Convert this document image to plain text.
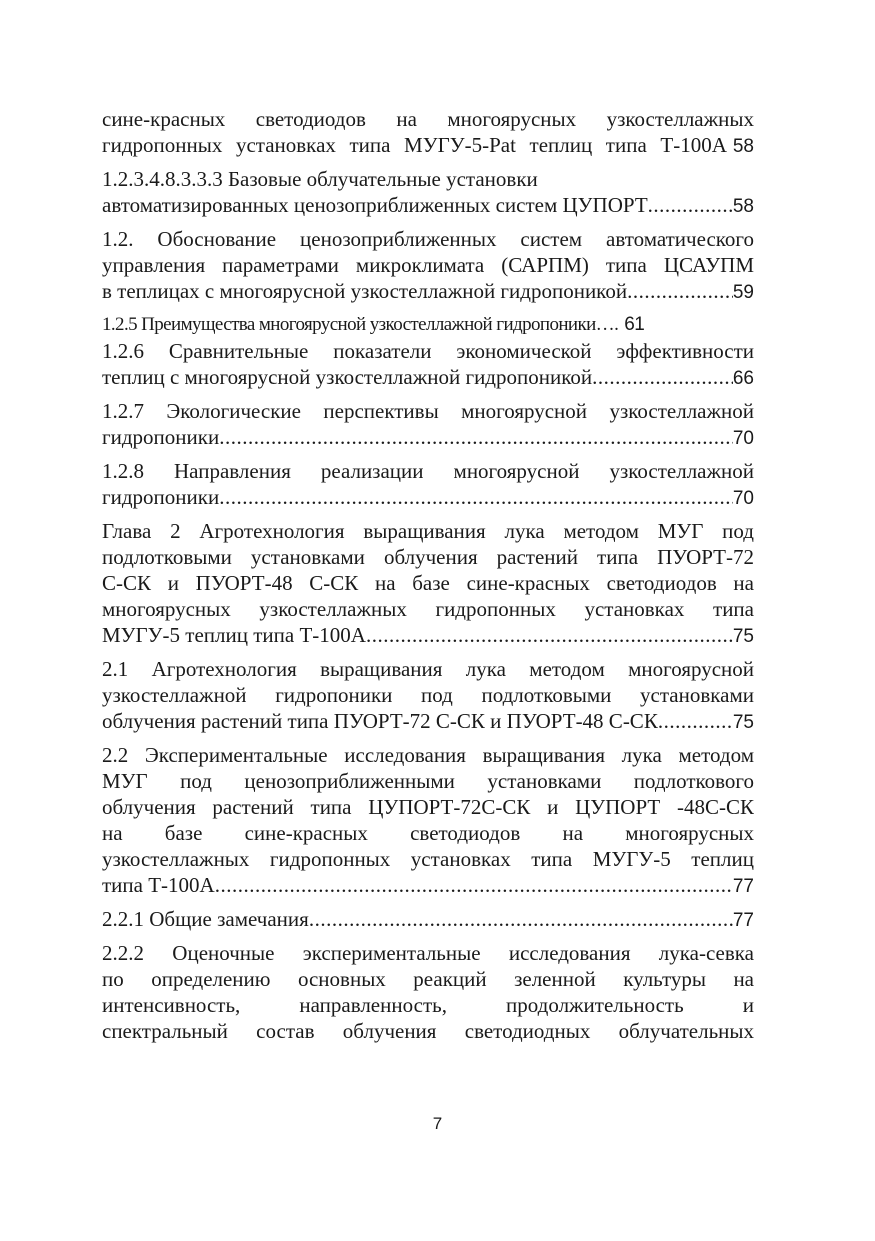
сине-красных светодиодов на многоярусных узкостеллажных
гидропонных установках типа МУГУ-5-Pat теплиц типа Т-100А 58
1.2.3.4.8.3.3.3 Базовые облучательные установки
автоматизированных ценозоприближенных систем ЦУПОРТ .....	58
1.2. Обоснование ценозоприближенных систем автоматического
управления параметрами микроклимата (САРПМ) типа ЦСАУПМ
в теплицах с многоярусной узкостеллажной гидропоникой .....	59
1.2.5 Преимущества многоярусной узкостеллажной гидропоники…. 61
1.2.6 Сравнительные показатели экономической эффективности
теплиц с многоярусной узкостеллажной гидропоникой .....	66
1.2.7 Экологические перспективы многоярусной узкостеллажной
гидропоники .....	70
1.2.8 Направления реализации многоярусной узкостеллажной
гидропоники .....	70
Глава 2 Агротехнология выращивания лука методом МУГ под
подлотковыми установками облучения растений типа ПУОРТ-72
С-СК и ПУОРТ-48 С-СК на базе сине-красных светодиодов на
многоярусных узкостеллажных гидропонных установках типа
МУГУ-5 теплиц типа Т-100А .....	75
2.1 Агротехнология выращивания лука методом многоярусной
узкостеллажной гидропоники под подлотковыми установками
облучения растений типа ПУОРТ-72 С-СК и ПУОРТ-48 С-СК .....	75
2.2 Экспериментальные исследования выращивания лука методом
МУГ под ценозоприближенными установками подлоткового
облучения растений типа ЦУПОРТ-72С-СК и ЦУПОРТ -48С-СК
на базе сине-красных светодиодов на многоярусных
узкостеллажных гидропонных установках типа МУГУ-5 теплиц
типа Т-100А .....	77
2.2.1 Общие замечания .....	77
2.2.2 Оценочные экспериментальные исследования лука-севка
по определению основных реакций зеленной культуры на
интенсивность, направленность, продолжительность и
спектральный состав облучения светодиодных облучательных
7
